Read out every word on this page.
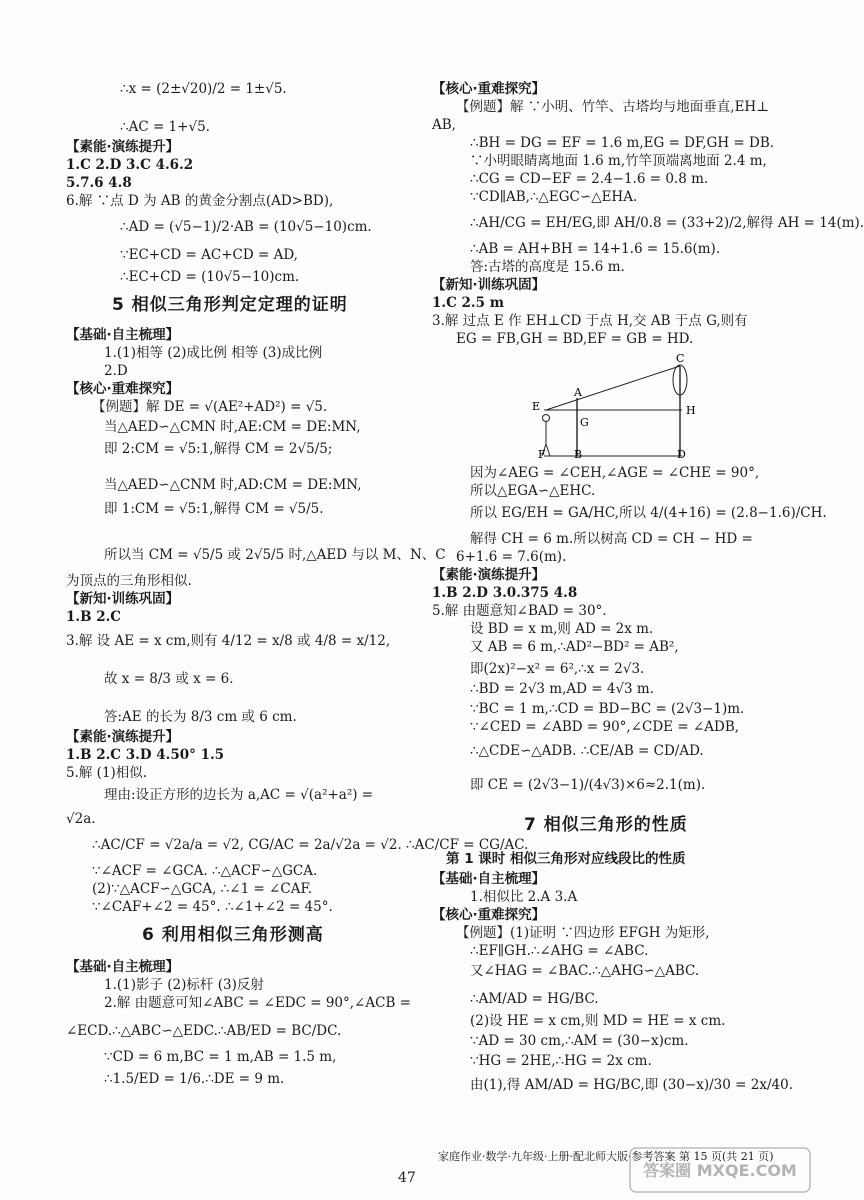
∴x = (2±√20)/2 = 1±√5.
∴AC = 1+√5.
【素能·演练提升】
1.C 2.D 3.C 4.6.2
5.7.6 4.8
6.解 ∵点 D 为 AB 的黄金分割点(AD>BD),
∴AD = (√5−1)/2·AB = (10√5−10)cm.
∵EC+CD = AC+CD = AD,
∴EC+CD = (10√5−10)cm.
5 相似三角形判定定理的证明
【基础·自主梳理】
1.(1)相等 (2)成比例 相等 (3)成比例
2.D
【核心·重难探究】
【例题】解 DE = √(AE²+AD²) = √5.
当△AED∽△CMN 时,AE:CM = DE:MN,
即 2:CM = √5:1,解得 CM = 2√5/5;
当△AED∽△CNM 时,AD:CM = DE:MN,
即 1:CM = √5:1,解得 CM = √5/5.
所以当 CM = √5/5 或 2√5/5 时,△AED 与以 M、N、C
为顶点的三角形相似.
【新知·训练巩固】
1.B 2.C
3.解 设 AE = x cm,则有 4/12 = x/8 或 4/8 = x/12,
故 x = 8/3 或 x = 6.
答:AE 的长为 8/3 cm 或 6 cm.
【素能·演练提升】
1.B 2.C 3.D 4.50° 1.5
5.解 (1)相似.
理由:设正方形的边长为 a,AC = √(a²+a²) =
√2a.
∴AC/CF = √2a/a = √2, CG/AC = 2a/√2a = √2. ∴AC/CF = CG/AC.
∵∠ACF = ∠GCA. ∴△ACF∽△GCA.
(2)∵△ACF∽△GCA, ∴∠1 = ∠CAF.
∵∠CAF+∠2 = 45°. ∴∠1+∠2 = 45°.
6 利用相似三角形测高
【基础·自主梳理】
1.(1)影子 (2)标杆 (3)反射
2.解 由题意可知∠ABC = ∠EDC = 90°,∠ACB =
∠ECD.∴△ABC∽△EDC.∴AB/ED = BC/DC.
∵CD = 6 m,BC = 1 m,AB = 1.5 m,
∴1.5/ED = 1/6.∴DE = 9 m.
【核心·重难探究】
【例题】解 ∵小明、竹竿、古塔均与地面垂直,EH⊥
AB,
∴BH = DG = EF = 1.6 m,EG = DF,GH = DB.
∵小明眼睛离地面 1.6 m,竹竿顶端离地面 2.4 m,
∴CG = CD−EF = 2.4−1.6 = 0.8 m.
∵CD∥AB,∴△EGC∽△EHA.
∴AH/CG = EH/EG,即 AH/0.8 = (33+2)/2,解得 AH = 14(m).
∴AB = AH+BH = 14+1.6 = 15.6(m).
答:古塔的高度是 15.6 m.
【新知·训练巩固】
1.C 2.5 m
3.解 过点 E 作 EH⊥CD 于点 H,交 AB 于点 G,则有
EG = FB,GH = BD,EF = GB = HD.
因为∠AEG = ∠CEH,∠AGE = ∠CHE = 90°,
所以△EGA∽△EHC.
所以 EG/EH = GA/HC,所以 4/(4+16) = (2.8−1.6)/CH.
解得 CH = 6 m.所以树高 CD = CH − HD =
6+1.6 = 7.6(m).
【素能·演练提升】
1.B 2.D 3.0.375 4.8
5.解 由题意知∠BAD = 30°.
设 BD = x m,则 AD = 2x m.
又 AB = 6 m,∴AD²−BD² = AB²,
即(2x)²−x² = 6²,∴x = 2√3.
∴BD = 2√3 m,AD = 4√3 m.
∵BC = 1 m,∴CD = BD−BC = (2√3−1)m.
∵∠CED = ∠ABD = 90°,∠CDE = ∠ADB,
∴△CDE∽△ADB. ∴CE/AB = CD/AD.
即 CE = (2√3−1)/(4√3)×6≈2.1(m).
7 相似三角形的性质
第 1 课时 相似三角形对应线段比的性质
【基础·自主梳理】
1.相似比 2.A 3.A
【核心·重难探究】
【例题】(1)证明 ∵四边形 EFGH 为矩形,
∴EF∥GH.∴∠AHG = ∠ABC.
又∠HAG = ∠BAC.∴△AHG∽△ABC.
∴AM/AD = HG/BC.
(2)设 HE = x cm,则 MD = HE = x cm.
∵AD = 30 cm,∴AM = (30−x)cm.
∵HG = 2HE,∴HG = 2x cm.
由(1),得 AM/AD = HG/BC,即 (30−x)/30 = 2x/40.
C
A
E	H
G
F	B	D
家庭作业·数学·九年级·上册·配北师大版·参考答案 第 15 页(共 21 页)
47	答案圈 MXQE.COM
